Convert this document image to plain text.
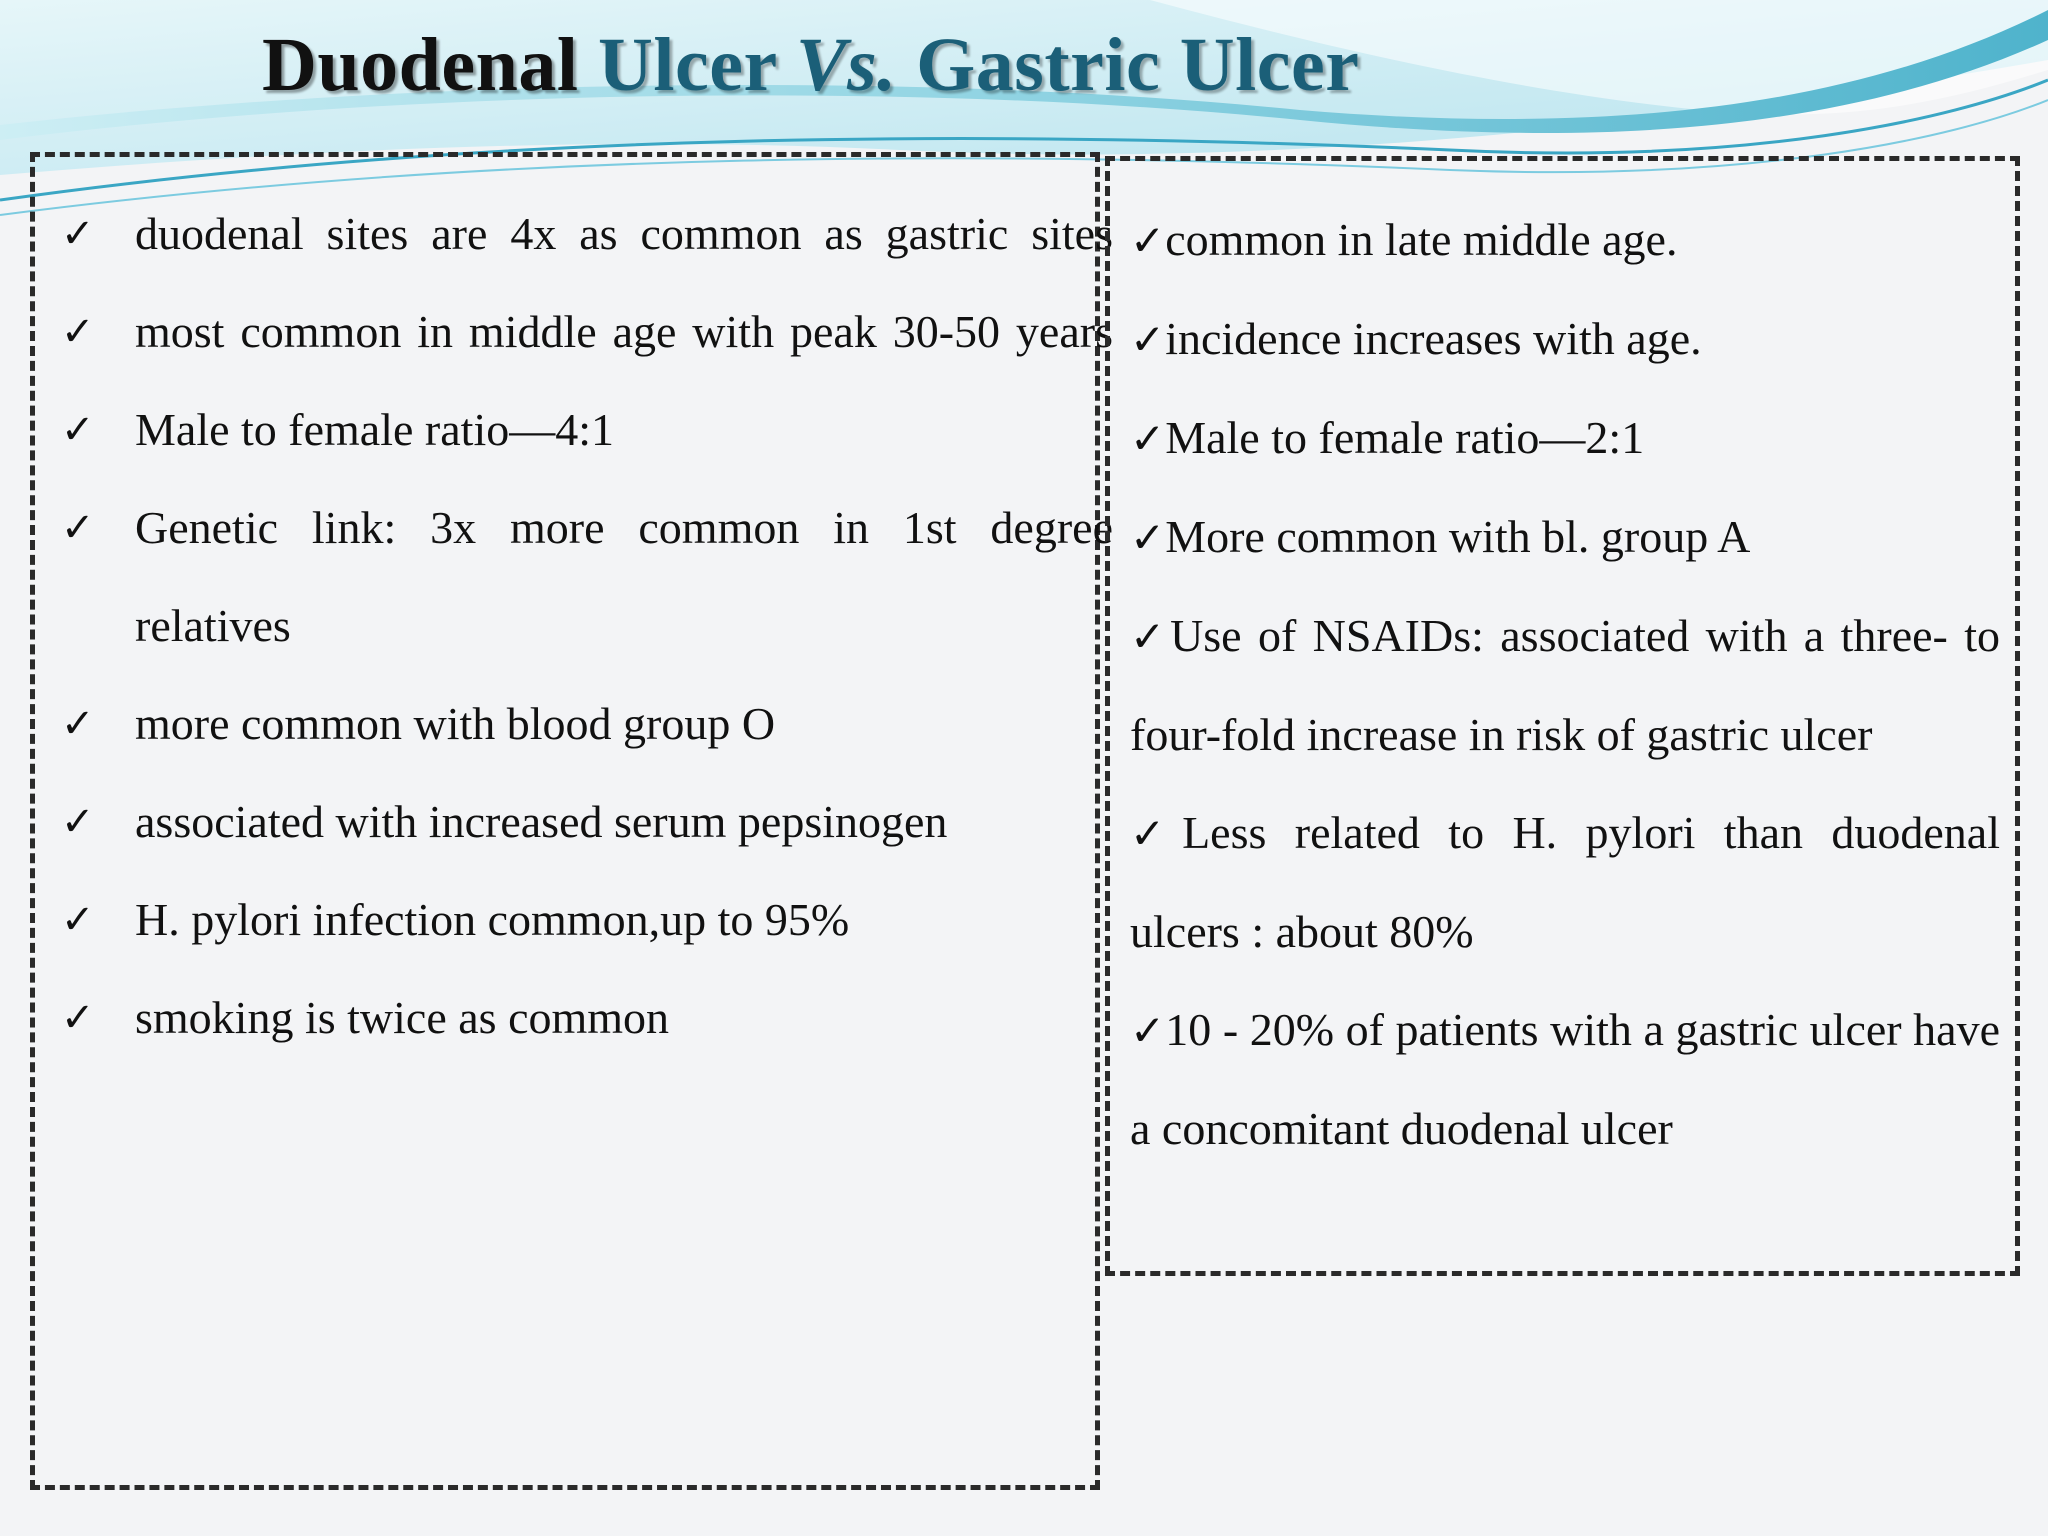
Duodenal Ulcer Vs. Gastric Ulcer
✓ duodenal sites are 4x as common as gastric sites
✓ most common in middle age with peak 30-50 years
✓ Male to female ratio—4:1
✓ Genetic link: 3x more common in 1st degree relatives
✓ more common with blood group O
✓ associated with increased serum pepsinogen
✓ H. pylori infection common,up to 95%
✓ smoking is twice as common
✓common in late middle age.
✓incidence increases with age.
✓Male to female ratio—2:1
✓More common with bl. group A
✓Use of NSAIDs: associated with a three- to four-fold increase in risk of gastric ulcer
✓Less related to H. pylori than duodenal ulcers : about 80%
✓10 - 20% of patients with a gastric ulcer have a concomitant duodenal ulcer
